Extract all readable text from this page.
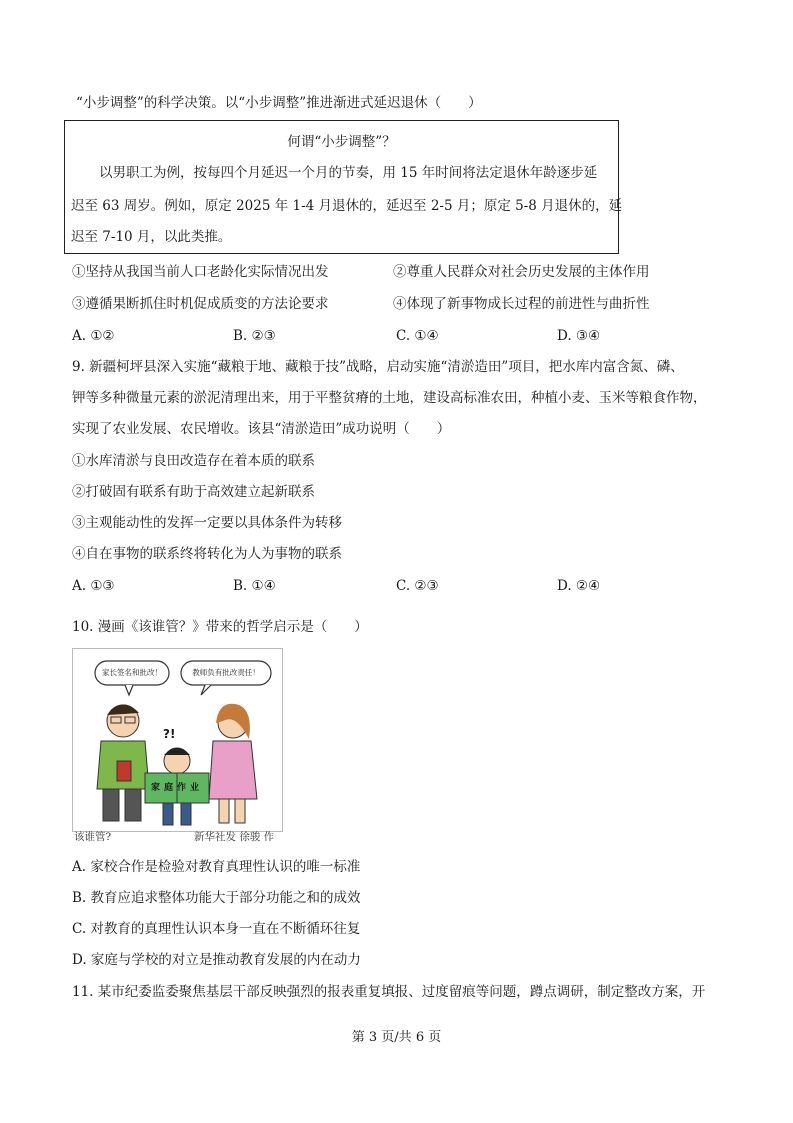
“小步调整”的科学决策。以“小步调整”推进渐进式延迟退休（　　）
何谓“小步调整”？
以男职工为例，按每四个月延迟一个月的节奏，用 15 年时间将法定退休年龄逐步延
迟至 63 周岁。例如，原定 2025 年 1-4 月退休的，延迟至 2-5 月；原定 5-8 月退休的，延
迟至 7-10 月，以此类推。
①坚持从我国当前人口老龄化实际情况出发	②尊重人民群众对社会历史发展的主体作用
③遵循果断抓住时机促成质变的方法论要求	④体现了新事物成长过程的前进性与曲折性
A. ①②	B. ②③	C. ①④	D. ③④
9. 新疆柯坪县深入实施“藏粮于地、藏粮于技”战略，启动实施“清淤造田”项目，把水库内富含氮、磷、
钾等多种微量元素的淤泥清理出来，用于平整贫瘠的土地，建设高标准农田，种植小麦、玉米等粮食作物，
实现了农业发展、农民增收。该县“清淤造田”成功说明（　　）
①水库清淤与良田改造存在着本质的联系
②打破固有联系有助于高效建立起新联系
③主观能动性的发挥一定要以具体条件为转移
④自在事物的联系终将转化为人为事物的联系
A. ①③	B. ①④	C. ②③	D. ②④
10. 漫画《该谁管？》带来的哲学启示是（　　）
家长签名和批改！	教师负有批改责任！
?!
家庭作业
该谁管?	新华社发 徐骏 作
A. 家校合作是检验对教育真理性认识的唯一标准
B. 教育应追求整体功能大于部分功能之和的成效
C. 对教育的真理性认识本身一直在不断循环往复
D. 家庭与学校的对立是推动教育发展的内在动力
11. 某市纪委监委聚焦基层干部反映强烈的报表重复填报、过度留痕等问题，蹲点调研，制定整改方案，开
第 3 页/共 6 页
